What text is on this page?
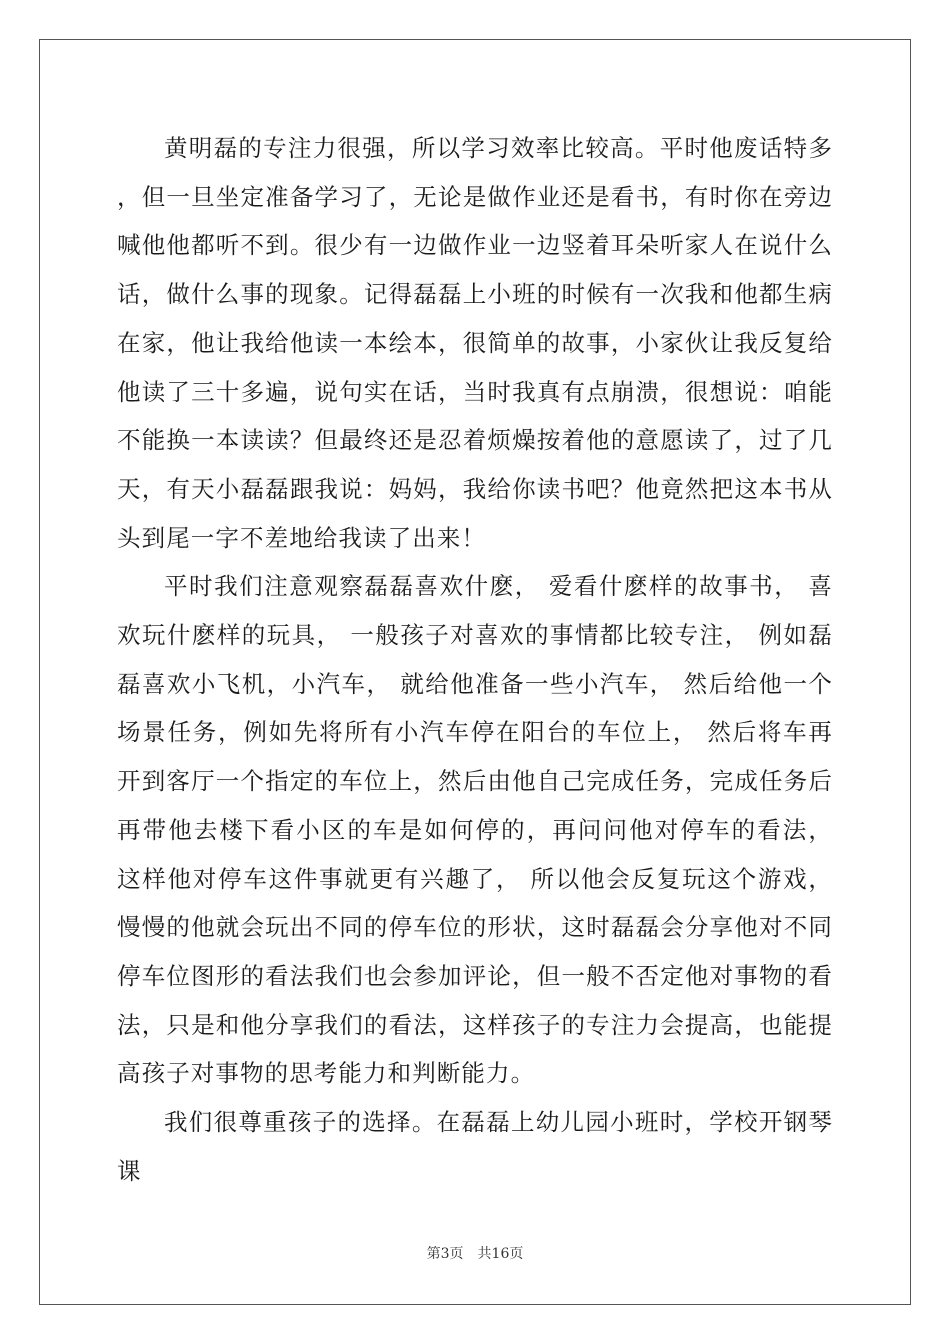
黄明磊的专注力很强，所以学习效率比较高。平时他废话特多，但一旦坐定准备学习了，无论是做作业还是看书，有时你在旁边喊他他都听不到。很少有一边做作业一边竖着耳朵听家人在说什么话，做什么事的现象。记得磊磊上小班的时候有一次我和他都生病在家，他让我给他读一本绘本，很简单的故事，小家伙让我反复给他读了三十多遍，说句实在话，当时我真有点崩溃，很想说：咱能不能换一本读读？但最终还是忍着烦燥按着他的意愿读了，过了几天，有天小磊磊跟我说：妈妈，我给你读书吧？他竟然把这本书从头到尾一字不差地给我读了出来！

平时我们注意观察磊磊喜欢什麽， 爱看什麽样的故事书， 喜欢玩什麽样的玩具， 一般孩子对喜欢的事情都比较专注， 例如磊磊喜欢小飞机，小汽车， 就给他准备一些小汽车， 然后给他一个场景任务，例如先将所有小汽车停在阳台的车位上， 然后将车再开到客厅一个指定的车位上，然后由他自己完成任务，完成任务后再带他去楼下看小区的车是如何停的，再问问他对停车的看法， 这样他对停车这件事就更有兴趣了， 所以他会反复玩这个游戏，慢慢的他就会玩出不同的停车位的形状，这时磊磊会分享他对不同停车位图形的看法我们也会参加评论，但一般不否定他对事物的看法，只是和他分享我们的看法，这样孩子的专注力会提高，也能提高孩子对事物的思考能力和判断能力。

我们很尊重孩子的选择。在磊磊上幼儿园小班时，学校开钢琴课

第3页　共16页
